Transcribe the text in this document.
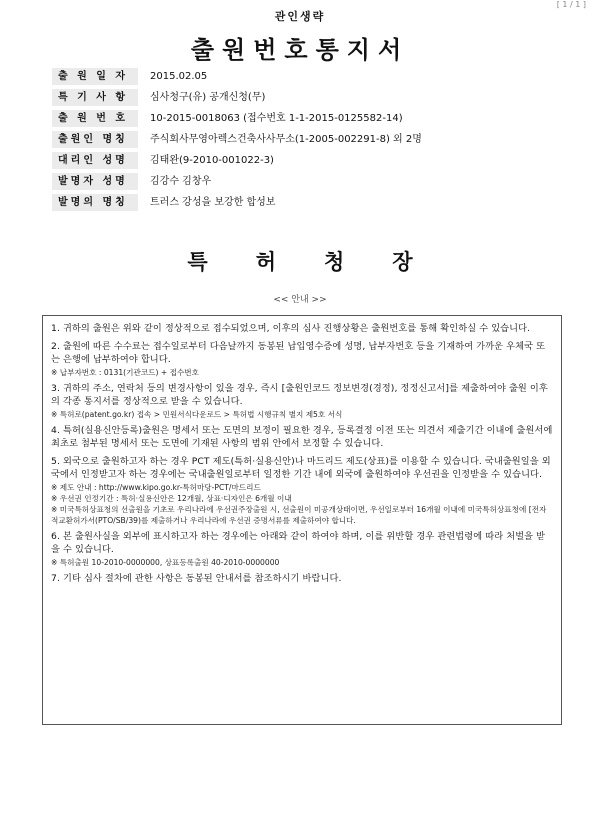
[ 1 / 1 ]
관인생략
출원번호통지서
출 원 일 자	2015.02.05
특 기 사 항	심사청구(유) 공개신청(무)
출 원 번 호	10-2015-0018063 (접수번호 1-1-2015-0125582-14)
출원인 명칭	주식회사무영아렉스건축사사무소(1-2005-002291-8) 외 2명
대리인 성명	김태완(9-2010-001022-3)
발명자 성명	김강수 김창우
발명의 명칭	트러스 강성을 보강한 합성보
특허청장
<< 안내 >>
1. 귀하의 출원은 위와 같이 정상적으로 접수되었으며, 이후의 심사 진행상황은 출원번호를 통해 확인하실 수 있습니다.
2. 출원에 따른 수수료는 접수일로부터 다음날까지 동봉된 납입영수증에 성명, 납부자번호 등을 기재하여 가까운 우체국 또는 은행에 납부하여야 합니다.
※ 납부자번호 : 0131(기관코드) + 접수번호
3. 귀하의 주소, 연락처 등의 변경사항이 있을 경우, 즉시 [출원인코드 정보변경(경정), 정정신고서]를 제출하여야 출원 이후의 각종 통지서를 정상적으로 받을 수 있습니다.
※ 특허로(patent.go.kr) 접속 > 민원서식다운로드 > 특허법 시행규칙 별지 제5호 서식
4. 특허(실용신안등록)출원은 명세서 또는 도면의 보정이 필요한 경우, 등록결정 이전 또는 의견서 제출기간 이내에 출원서에 최초로 첨부된 명세서 또는 도면에 기재된 사항의 범위 안에서 보정할 수 있습니다.
5. 외국으로 출원하고자 하는 경우 PCT 제도(특허·실용신안)나 마드리드 제도(상표)를 이용할 수 있습니다. 국내출원일을 외국에서 인정받고자 하는 경우에는 국내출원일로부터 일정한 기간 내에 외국에 출원하여야 우선권을 인정받을 수 있습니다.
※ 제도 안내 : http://www.kipo.go.kr-특허마당-PCT/마드리드
※ 우선권 인정기간 : 특허·실용신안은 12개월, 상표·디자인은 6개월 이내
※ 미국특허상표청의 선출원을 기초로 우리나라에 우선권주장출원 시, 선출원이 미공개상태이면, 우선일로부터 16개월 이내에 미국특허상표청에 [전자적교환허가서(PTO/SB/39)를 제출하거나 우리나라에 우선권 증명서류를 제출하여야 합니다.
6. 본 출원사실을 외부에 표시하고자 하는 경우에는 아래와 같이 하여야 하며, 이를 위반할 경우 관련법령에 따라 처벌을 받을 수 있습니다.
※ 특허출원 10-2010-0000000, 상표등록출원 40-2010-0000000
7. 기타 심사 절차에 관한 사항은 동봉된 안내서를 참조하시기 바랍니다.
